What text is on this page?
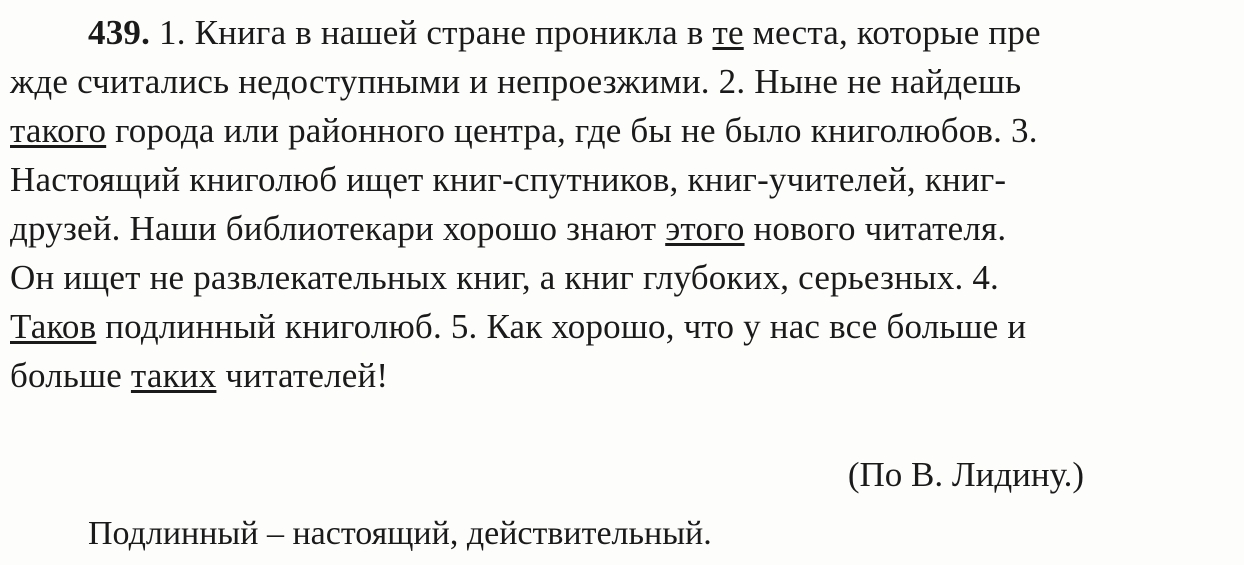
439. 1. Книга в нашей стране проникла в те места, которые пре
жде считались недоступными и непроезжими. 2. Ныне не найдешь
такого города или районного центра, где бы не было книголюбов. 3.
Настоящий книголюб ищет книг-спутников, книг-учителей, книг-
друзей. Наши библиотекари хорошо знают этого нового читателя.
Он ищет не развлекательных книг, а книг глубоких, серьезных. 4.
Таков подлинный книголюб. 5. Как хорошо, что у нас все больше и
больше таких читателей!
(По В. Лидину.)
Подлинный – настоящий, действительный.
